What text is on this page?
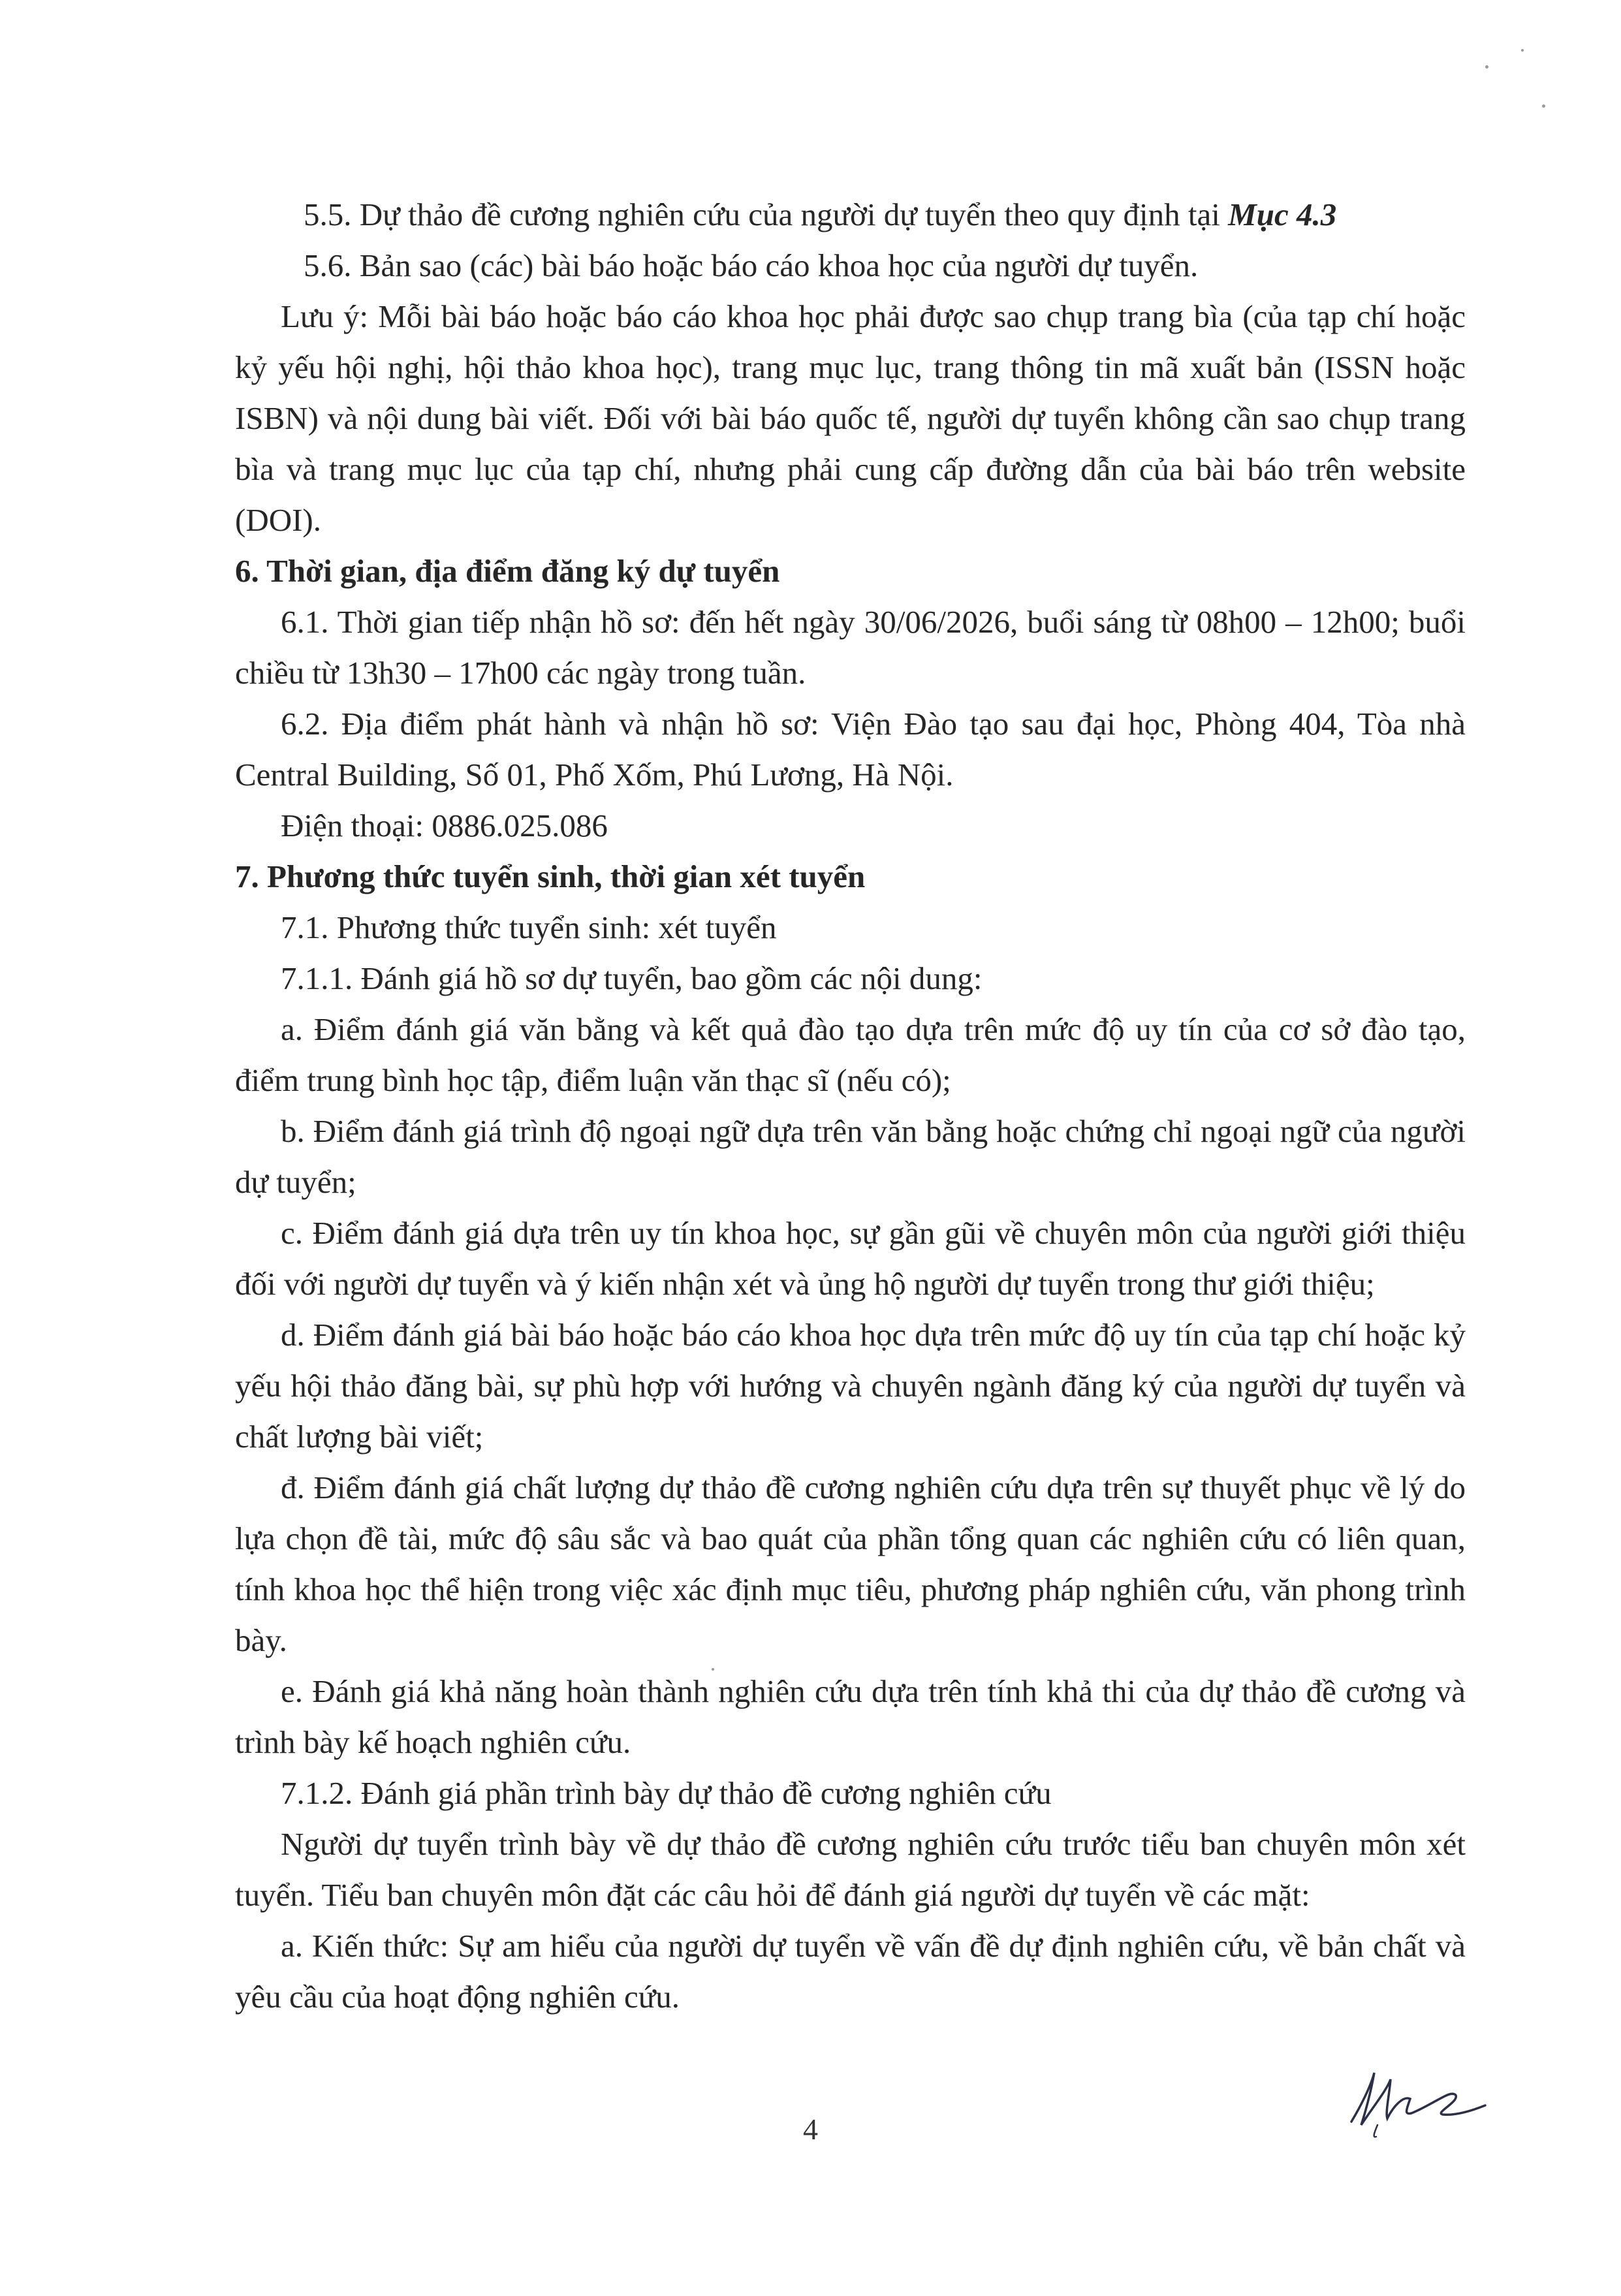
5.5. Dự thảo đề cương nghiên cứu của người dự tuyển theo quy định tại Mục 4.3

5.6. Bản sao (các) bài báo hoặc báo cáo khoa học của người dự tuyển.

Lưu ý: Mỗi bài báo hoặc báo cáo khoa học phải được sao chụp trang bìa (của tạp chí hoặc kỷ yếu hội nghị, hội thảo khoa học), trang mục lục, trang thông tin mã xuất bản (ISSN hoặc ISBN) và nội dung bài viết. Đối với bài báo quốc tế, người dự tuyển không cần sao chụp trang bìa và trang mục lục của tạp chí, nhưng phải cung cấp đường dẫn của bài báo trên website (DOI).

6. Thời gian, địa điểm đăng ký dự tuyển

6.1. Thời gian tiếp nhận hồ sơ: đến hết ngày 30/06/2026, buổi sáng từ 08h00 – 12h00; buổi chiều từ 13h30 – 17h00 các ngày trong tuần.

6.2. Địa điểm phát hành và nhận hồ sơ: Viện Đào tạo sau đại học, Phòng 404, Tòa nhà Central Building, Số 01, Phố Xốm, Phú Lương, Hà Nội.

Điện thoại: 0886.025.086

7. Phương thức tuyển sinh, thời gian xét tuyển

7.1. Phương thức tuyển sinh: xét tuyển

7.1.1. Đánh giá hồ sơ dự tuyển, bao gồm các nội dung:

a. Điểm đánh giá văn bằng và kết quả đào tạo dựa trên mức độ uy tín của cơ sở đào tạo, điểm trung bình học tập, điểm luận văn thạc sĩ (nếu có);

b. Điểm đánh giá trình độ ngoại ngữ dựa trên văn bằng hoặc chứng chỉ ngoại ngữ của người dự tuyển;

c. Điểm đánh giá dựa trên uy tín khoa học, sự gần gũi về chuyên môn của người giới thiệu đối với người dự tuyển và ý kiến nhận xét và ủng hộ người dự tuyển trong thư giới thiệu;

d. Điểm đánh giá bài báo hoặc báo cáo khoa học dựa trên mức độ uy tín của tạp chí hoặc kỷ yếu hội thảo đăng bài, sự phù hợp với hướng và chuyên ngành đăng ký của người dự tuyển và chất lượng bài viết;

đ. Điểm đánh giá chất lượng dự thảo đề cương nghiên cứu dựa trên sự thuyết phục về lý do lựa chọn đề tài, mức độ sâu sắc và bao quát của phần tổng quan các nghiên cứu có liên quan, tính khoa học thể hiện trong việc xác định mục tiêu, phương pháp nghiên cứu, văn phong trình bày.

e. Đánh giá khả năng hoàn thành nghiên cứu dựa trên tính khả thi của dự thảo đề cương và trình bày kế hoạch nghiên cứu.

7.1.2. Đánh giá phần trình bày dự thảo đề cương nghiên cứu

Người dự tuyển trình bày về dự thảo đề cương nghiên cứu trước tiểu ban chuyên môn xét tuyển. Tiểu ban chuyên môn đặt các câu hỏi để đánh giá người dự tuyển về các mặt:

a. Kiến thức: Sự am hiểu của người dự tuyển về vấn đề dự định nghiên cứu, về bản chất và yêu cầu của hoạt động nghiên cứu.

4
